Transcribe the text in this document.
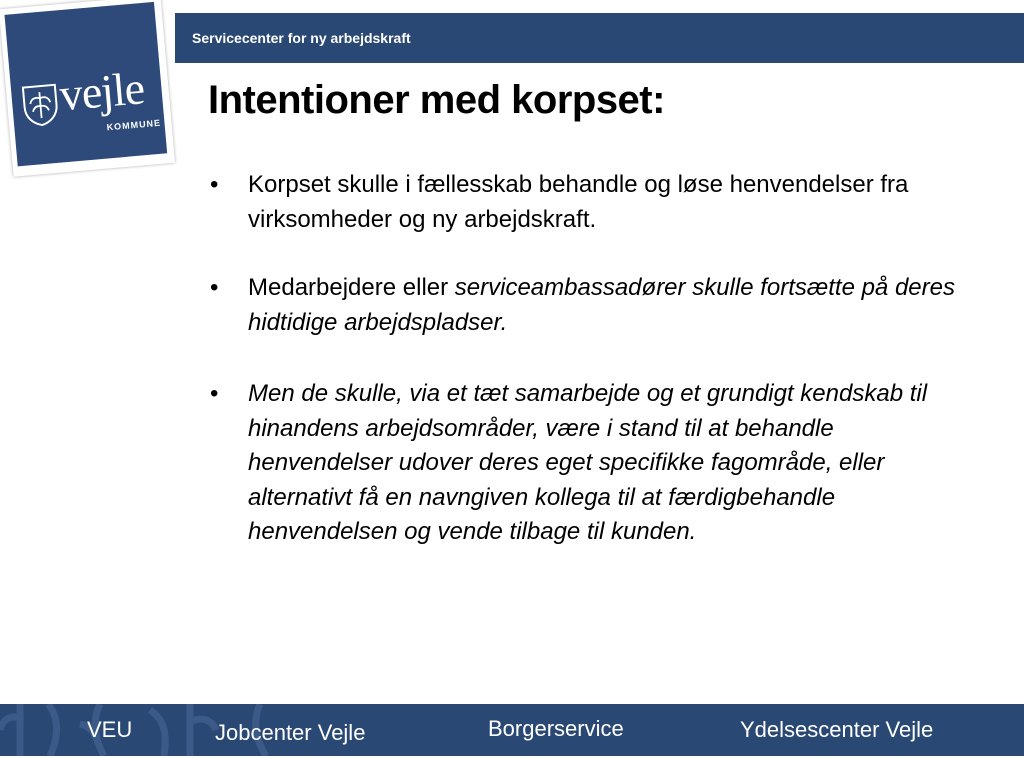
vejle
KOMMUNE
Servicecenter for ny arbejdskraft
Intentioner med korpset:
• Korpset skulle i fællesskab behandle og løse henvendelser fra virksomheder og ny arbejdskraft.
• Medarbejdere eller serviceambassadører skulle fortsætte på deres hidtidige arbejdspladser.
• Men de skulle, via et tæt samarbejde og et grundigt kendskab til hinandens arbejdsområder, være i stand til at behandle henvendelser udover deres eget specifikke fagområde, eller alternativt få en navngiven kollega til at færdigbehandle henvendelsen og vende tilbage til kunden.
VEU	Jobcenter Vejle	Borgerservice	Ydelsescenter Vejle
